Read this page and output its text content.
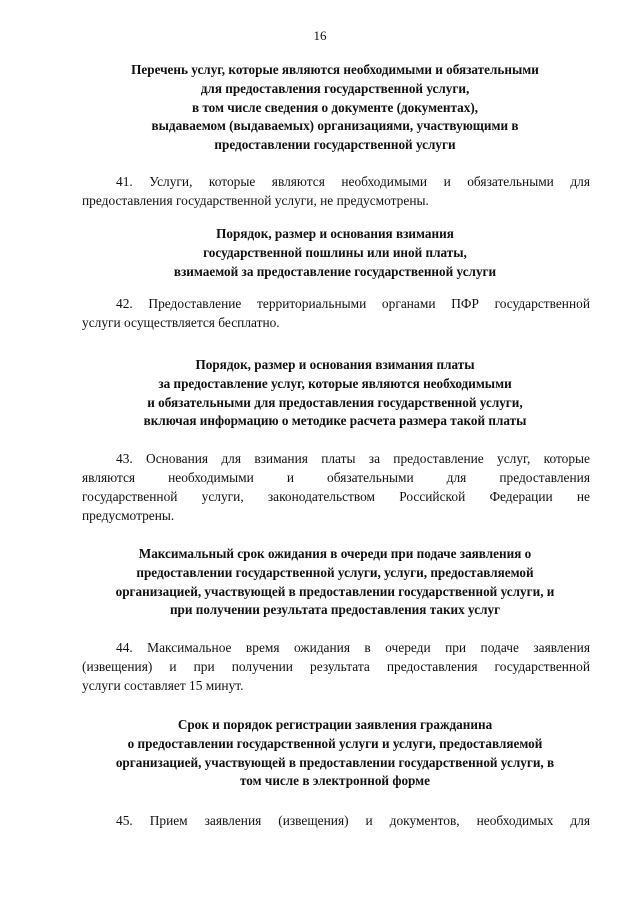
16
Перечень услуг, которые являются необходимыми и обязательными
для предоставления государственной услуги,
в том числе сведения о документе (документах),
выдаваемом (выдаваемых) организациями, участвующими в
предоставлении государственной услуги
41. Услуги, которые являются необходимыми и обязательными для
предоставления государственной услуги, не предусмотрены.
Порядок, размер и основания взимания
государственной пошлины или иной платы,
взимаемой за предоставление государственной услуги
42. Предоставление территориальными органами ПФР государственной
услуги осуществляется бесплатно.
Порядок, размер и основания взимания платы
за предоставление услуг, которые являются необходимыми
и обязательными для предоставления государственной услуги,
включая информацию о методике расчета размера такой платы
43. Основания для взимания платы за предоставление услуг, которые
являются необходимыми и обязательными для предоставления
государственной услуги, законодательством Российской Федерации не
предусмотрены.
Максимальный срок ожидания в очереди при подаче заявления о
предоставлении государственной услуги, услуги, предоставляемой
организацией, участвующей в предоставлении государственной услуги, и
при получении результата предоставления таких услуг
44. Максимальное время ожидания в очереди при подаче заявления
(извещения) и при получении результата предоставления государственной
услуги составляет 15 минут.
Срок и порядок регистрации заявления гражданина
о предоставлении государственной услуги и услуги, предоставляемой
организацией, участвующей в предоставлении государственной услуги, в
том числе в электронной форме
45. Прием заявления (извещения) и документов, необходимых для
